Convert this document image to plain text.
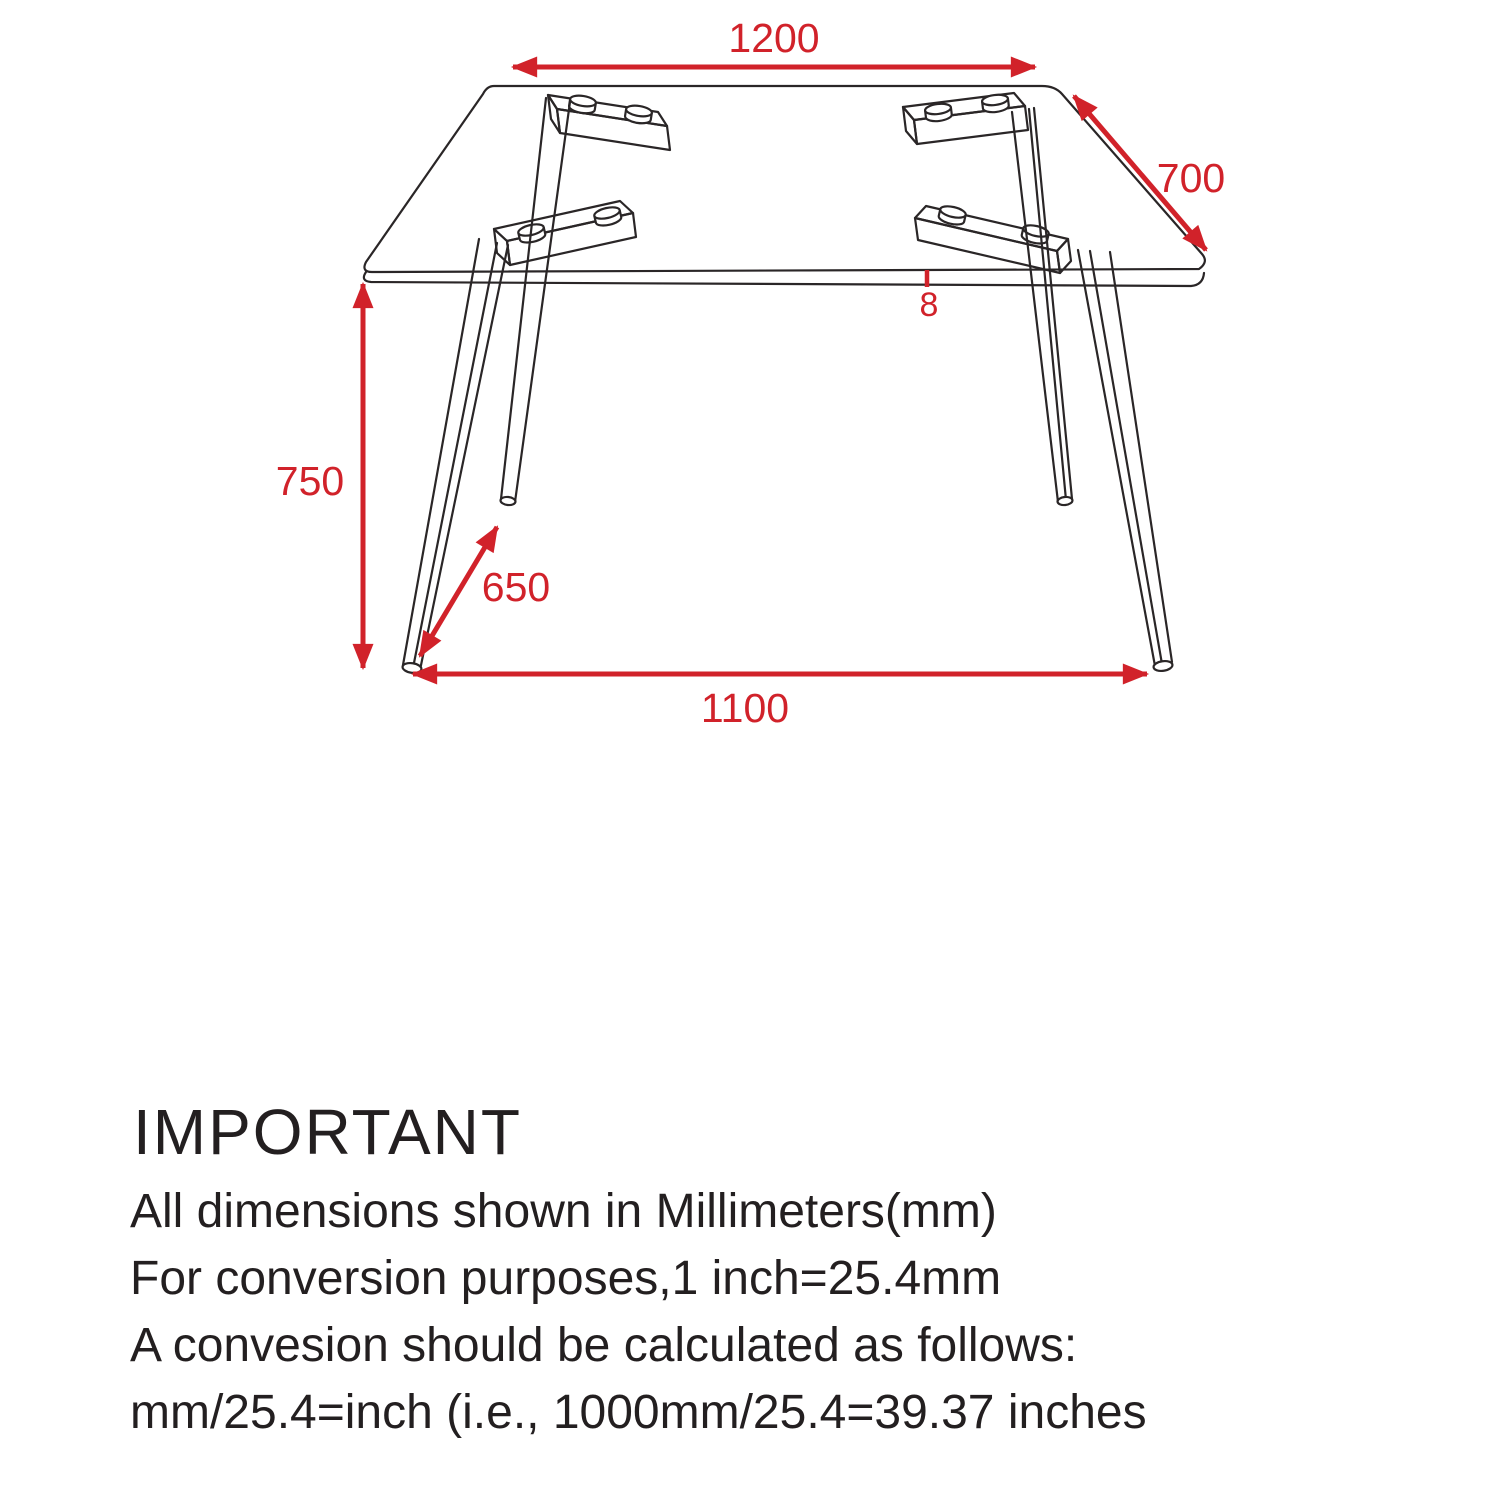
1200
700
8
750
650
1100
IMPORTANT
All dimensions shown in Millimeters(mm)
For conversion purposes,1 inch=25.4mm
A convesion should be calculated as follows:
mm/25.4=inch (i.e., 1000mm/25.4=39.37 inches
